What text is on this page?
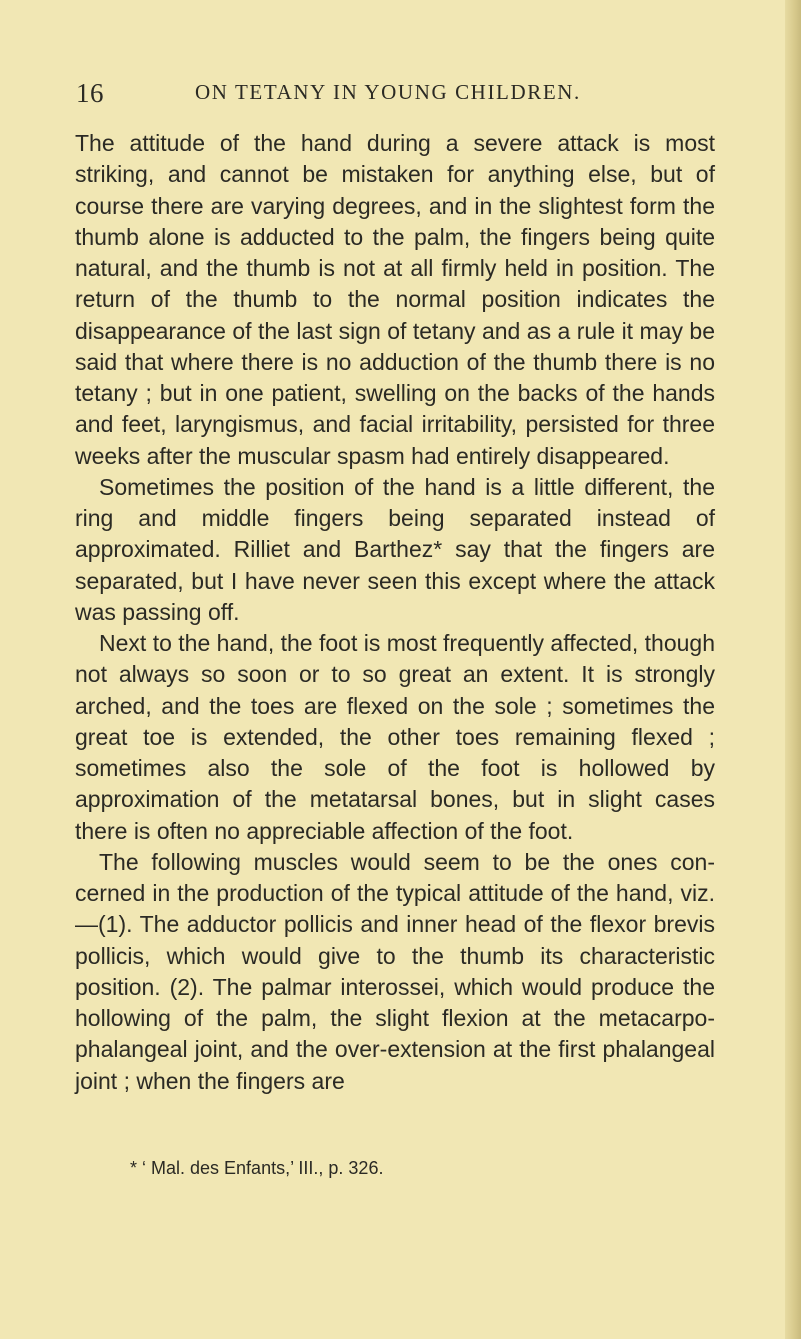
16	ON TETANY IN YOUNG CHILDREN.

The attitude of the hand during a severe attack is most striking, and cannot be mistaken for anything else, but of course there are varying degrees, and in the slightest form the thumb alone is adducted to the palm, the fingers being quite natural, and the thumb is not at all firmly held in position. The return of the thumb to the normal position indicates the disappearance of the last sign of tetany and as a rule it may be said that where there is no adduction of the thumb there is no tetany ; but in one patient, swelling on the backs of the hands and feet, laryngismus, and facial irritability, persisted for three weeks after the muscular spasm had entirely disappeared.

Sometimes the position of the hand is a little different, the ring and middle fingers being separated instead of approximated. Rilliet and Barthez* say that the fingers are separated, but I have never seen this except where the attack was passing off.

Next to the hand, the foot is most frequently affected, though not always so soon or to so great an extent. It is strongly arched, and the toes are flexed on the sole ; sometimes the great toe is extended, the other toes remaining flexed ; sometimes also the sole of the foot is hollowed by approximation of the metatarsal bones, but in slight cases there is often no appreciable affection of the foot.

The following muscles would seem to be the ones concerned in the production of the typical attitude of the hand, viz.—(1). The adductor pollicis and inner head of the flexor brevis pollicis, which would give to the thumb its characteristic position. (2). The palmar interossei, which would produce the hollowing of the palm, the slight flexion at the metacarpo-phalangeal joint, and the over-extension at the first phalangeal joint ; when the fingers are

* ‘ Mal. des Enfants,’ III., p. 326.
